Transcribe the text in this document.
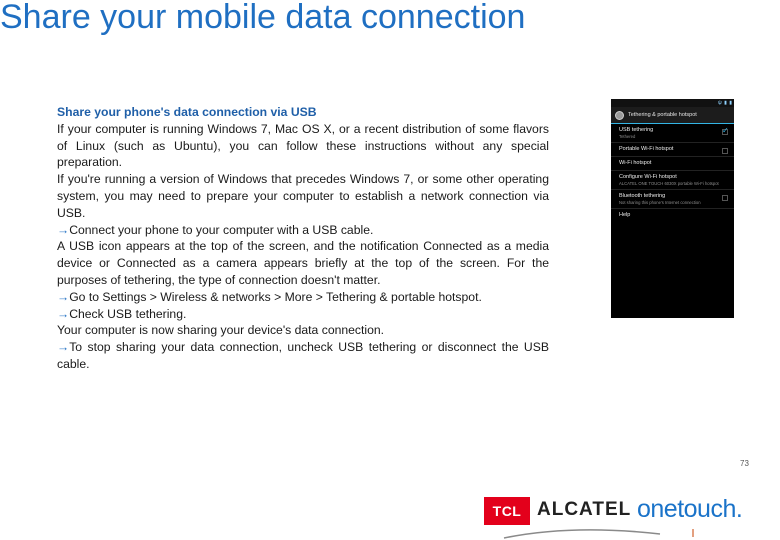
Share your mobile data connection

Share your phone's data connection via USB

If your computer is running Windows 7, Mac OS X, or a recent distribution of some flavors of Linux (such as Ubuntu), you can follow these instructions without any special preparation.

If you're running a version of Windows that precedes Windows 7, or some other operating system, you may need to prepare your computer to establish a network connection via USB.

→Connect your phone to your computer with a USB cable.

A USB icon appears at the top of the screen, and the notification Connected as a media device or Connected as a camera appears briefly at the top of the screen. For the purposes of tethering, the type of connection doesn't matter.

→Go to Settings > Wireless & networks > More > Tethering & portable hotspot.

→Check USB tethering.

Your computer is now sharing your device's data connection.

→To stop sharing your data connection, uncheck USB tethering or disconnect the USB cable.

ψ ▮ ▮
Tethering & portable hotspot
USB tethering
Tethered
✓
Portable Wi-Fi hotspot
Wi-Fi hotspot
Configure Wi-Fi hotspot
ALCATEL ONE TOUCH 6030X portable Wi-Fi hotspot
Bluetooth tethering
Not sharing this phone's Internet connection
Help
73
TCL ALCATEL onetouch.
